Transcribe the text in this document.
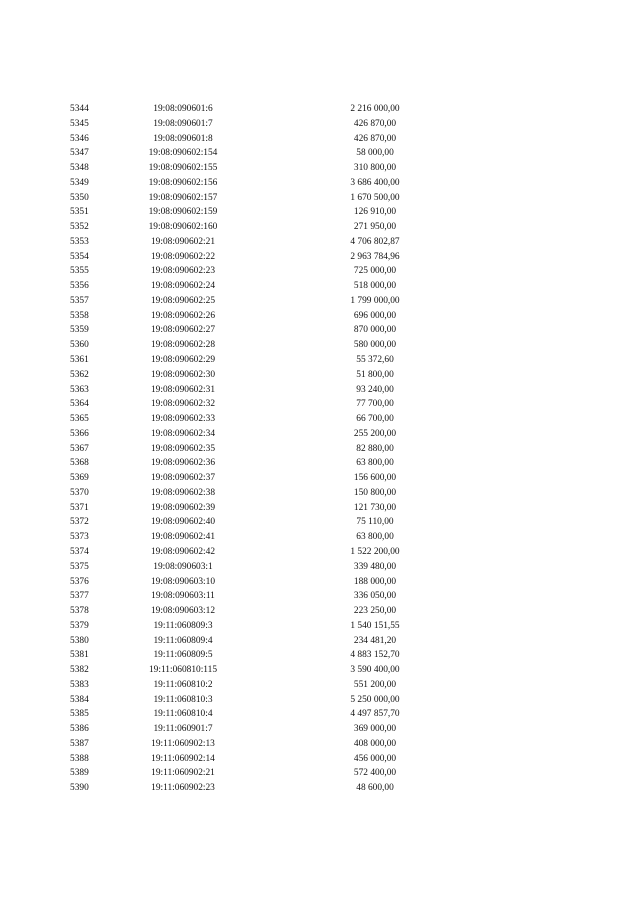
5344	19:08:090601:6	2 216 000,00
5345	19:08:090601:7	426 870,00
5346	19:08:090601:8	426 870,00
5347	19:08:090602:154	58 000,00
5348	19:08:090602:155	310 800,00
5349	19:08:090602:156	3 686 400,00
5350	19:08:090602:157	1 670 500,00
5351	19:08:090602:159	126 910,00
5352	19:08:090602:160	271 950,00
5353	19:08:090602:21	4 706 802,87
5354	19:08:090602:22	2 963 784,96
5355	19:08:090602:23	725 000,00
5356	19:08:090602:24	518 000,00
5357	19:08:090602:25	1 799 000,00
5358	19:08:090602:26	696 000,00
5359	19:08:090602:27	870 000,00
5360	19:08:090602:28	580 000,00
5361	19:08:090602:29	55 372,60
5362	19:08:090602:30	51 800,00
5363	19:08:090602:31	93 240,00
5364	19:08:090602:32	77 700,00
5365	19:08:090602:33	66 700,00
5366	19:08:090602:34	255 200,00
5367	19:08:090602:35	82 880,00
5368	19:08:090602:36	63 800,00
5369	19:08:090602:37	156 600,00
5370	19:08:090602:38	150 800,00
5371	19:08:090602:39	121 730,00
5372	19:08:090602:40	75 110,00
5373	19:08:090602:41	63 800,00
5374	19:08:090602:42	1 522 200,00
5375	19:08:090603:1	339 480,00
5376	19:08:090603:10	188 000,00
5377	19:08:090603:11	336 050,00
5378	19:08:090603:12	223 250,00
5379	19:11:060809:3	1 540 151,55
5380	19:11:060809:4	234 481,20
5381	19:11:060809:5	4 883 152,70
5382	19:11:060810:115	3 590 400,00
5383	19:11:060810:2	551 200,00
5384	19:11:060810:3	5 250 000,00
5385	19:11:060810:4	4 497 857,70
5386	19:11:060901:7	369 000,00
5387	19:11:060902:13	408 000,00
5388	19:11:060902:14	456 000,00
5389	19:11:060902:21	572 400,00
5390	19:11:060902:23	48 600,00
